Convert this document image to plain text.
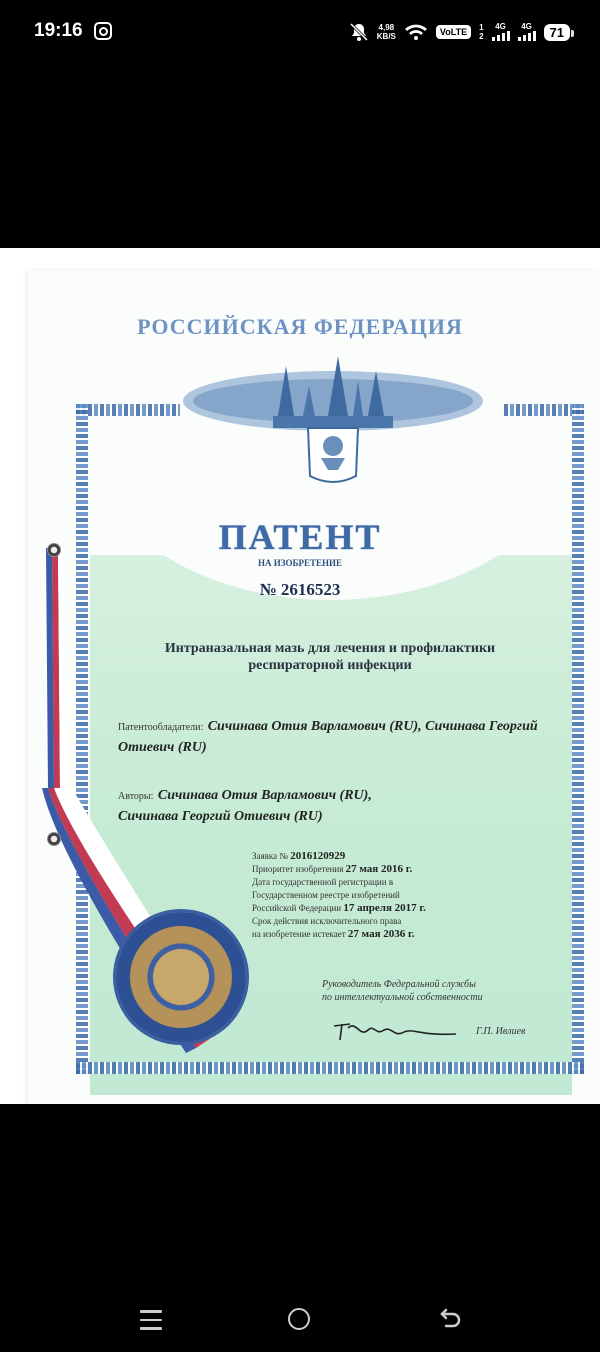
19:16	4,98
KB/S	VoLTE	1
2
4G	4G	71
РОССИЙСКАЯ ФЕДЕРАЦИЯ
ПАТЕНТ
НА ИЗОБРЕТЕНИЕ
№ 2616523
Интраназальная мазь для лечения и профилактики респираторной инфекции
Патентообладатели: Сичинава Отия Варламович (RU), Сичинава Георгий Отиевич (RU)
Авторы: Сичинава Отия Варламович (RU),
Сичинава Георгий Отиевич (RU)
Заявка № 2016120929
Приоритет изобретения 27 мая 2016 г.
Дата государственной регистрации в
Государственном реестре изобретений
Российской Федерации 17 апреля 2017 г.
Срок действия исключительного права
на изобретение истекает 27 мая 2036 г.
Руководитель Федеральной службы
по интеллектуальной собственности
Г.П. Ивлиев
